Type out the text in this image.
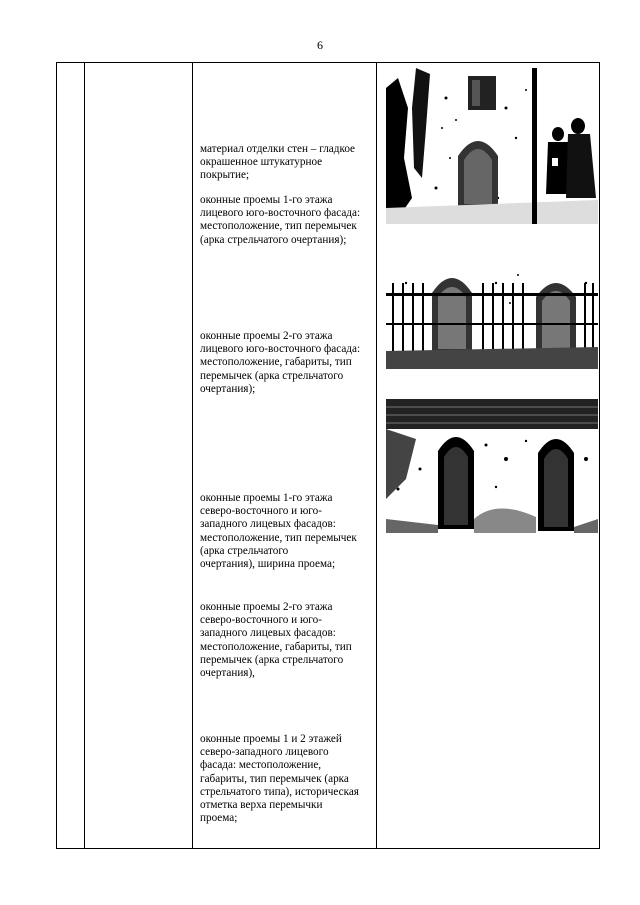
6
материал отделки стен – гладкое
окрашенное штукатурное
покрытие;
оконные проемы 1-го этажа
лицевого юго-восточного фасада:
местоположение, тип перемычек
(арка стрельчатого очертания);
оконные проемы 2-го этажа
лицевого юго-восточного фасада:
местоположение, габариты, тип
перемычек (арка стрельчатого
очертания);
оконные проемы 1-го этажа
северо-восточного и юго-
западного лицевых фасадов:
местоположение, тип перемычек
(арка стрельчатого
очертания), ширина проема;
оконные проемы 2-го этажа
северо-восточного и юго-
западного лицевых фасадов:
местоположение, габариты, тип
перемычек (арка стрельчатого
очертания),
оконные проемы 1 и 2 этажей
северо-западного лицевого
фасада: местоположение,
габариты, тип перемычек (арка
стрельчатого типа), историческая
отметка верха перемычки
проема;
